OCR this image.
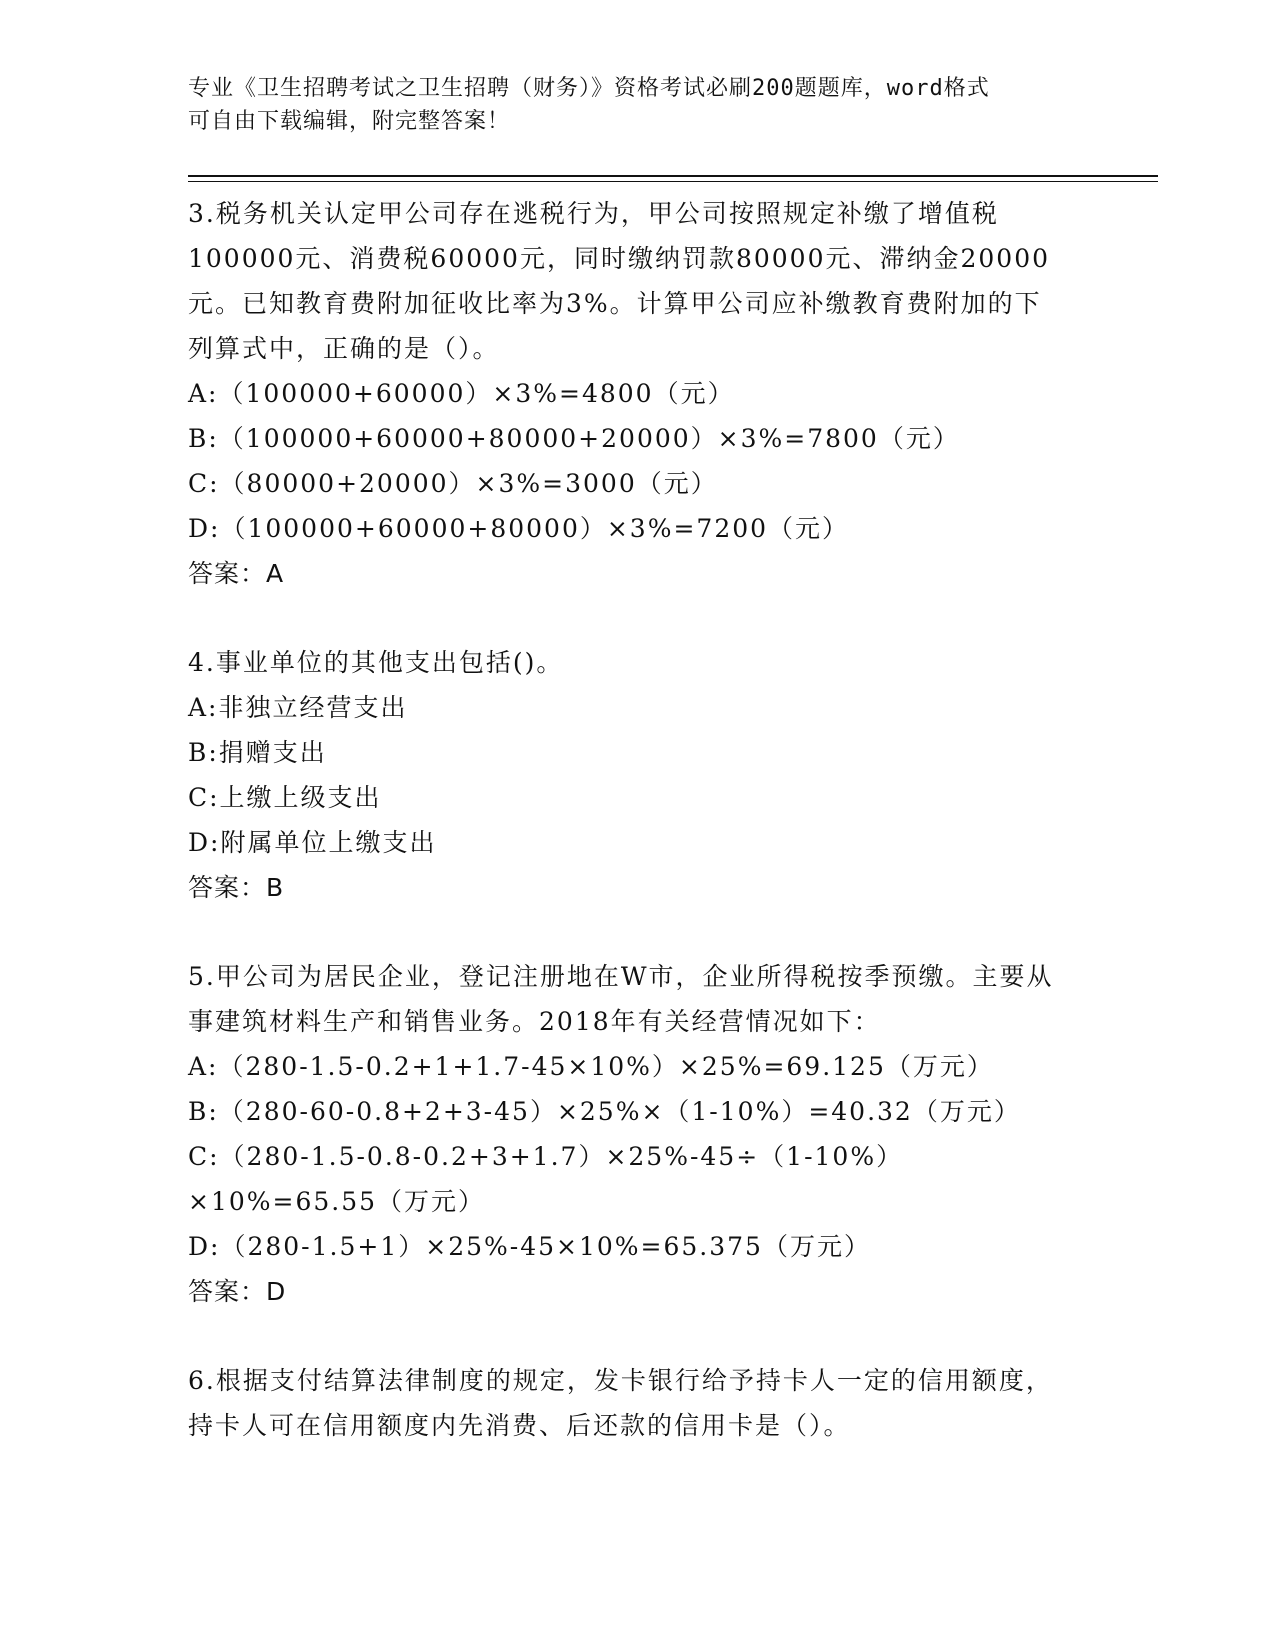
专业《卫生招聘考试之卫生招聘（财务）》资格考试必刷200题题库，word格式
可自由下载编辑，附完整答案！
3.税务机关认定甲公司存在逃税行为，甲公司按照规定补缴了增值税100000元、消费税60000元，同时缴纳罚款80000元、滞纳金20000元。已知教育费附加征收比率为3%。计算甲公司应补缴教育费附加的下列算式中，正确的是（）。
A:（100000+60000）×3%=4800（元）
B:（100000+60000+80000+20000）×3%=7800（元）
C:（80000+20000）×3%=3000（元）
D:（100000+60000+80000）×3%=7200（元）
答案：A
4.事业单位的其他支出包括()。
A:非独立经营支出
B:捐赠支出
C:上缴上级支出
D:附属单位上缴支出
答案：B
5.甲公司为居民企业，登记注册地在W市，企业所得税按季预缴。主要从事建筑材料生产和销售业务。2018年有关经营情况如下：
A:（280-1.5-0.2+1+1.7-45×10%）×25%=69.125（万元）
B:（280-60-0.8+2+3-45）×25%×（1-10%）=40.32（万元）
C:（280-1.5-0.8-0.2+3+1.7）×25%-45÷（1-10%）×10%=65.55（万元）
D:（280-1.5+1）×25%-45×10%=65.375（万元）
答案：D
6.根据支付结算法律制度的规定，发卡银行给予持卡人一定的信用额度，持卡人可在信用额度内先消费、后还款的信用卡是（）。
